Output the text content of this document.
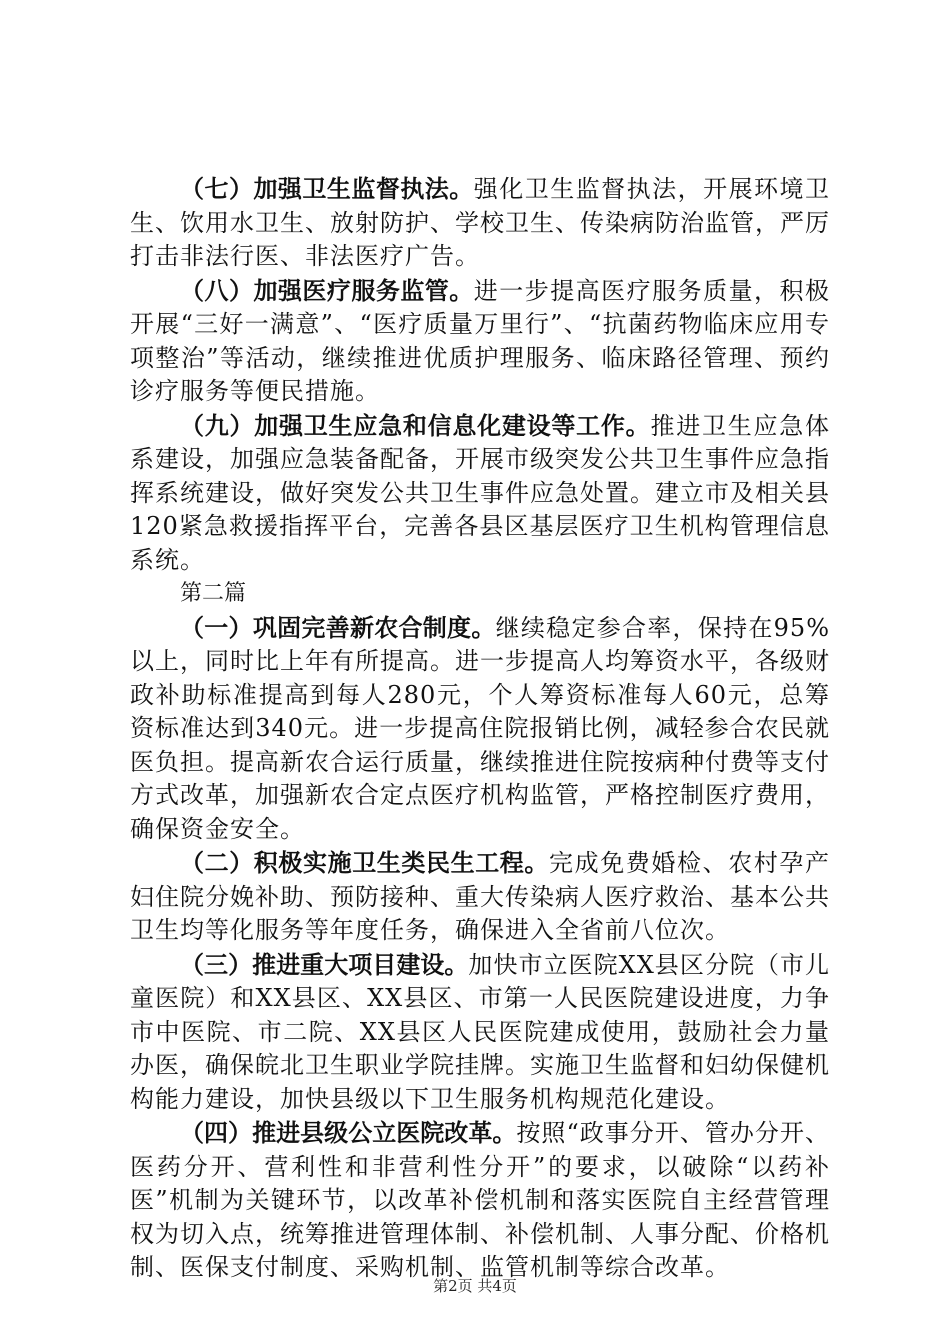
（七）加强卫生监督执法。强化卫生监督执法，开展环境卫生、饮用水卫生、放射防护、学校卫生、传染病防治监管，严厉打击非法行医、非法医疗广告。

（八）加强医疗服务监管。进一步提高医疗服务质量，积极开展“三好一满意”、“医疗质量万里行”、“抗菌药物临床应用专项整治”等活动，继续推进优质护理服务、临床路径管理、预约诊疗服务等便民措施。

（九）加强卫生应急和信息化建设等工作。推进卫生应急体系建设，加强应急装备配备，开展市级突发公共卫生事件应急指挥系统建设，做好突发公共卫生事件应急处置。建立市及相关县120紧急救援指挥平台，完善各县区基层医疗卫生机构管理信息系统。

第二篇

（一）巩固完善新农合制度。继续稳定参合率，保持在95%以上，同时比上年有所提高。进一步提高人均筹资水平，各级财政补助标准提高到每人280元，个人筹资标准每人60元，总筹资标准达到340元。进一步提高住院报销比例，减轻参合农民就医负担。提高新农合运行质量，继续推进住院按病种付费等支付方式改革，加强新农合定点医疗机构监管，严格控制医疗费用，确保资金安全。

（二）积极实施卫生类民生工程。完成免费婚检、农村孕产妇住院分娩补助、预防接种、重大传染病人医疗救治、基本公共卫生均等化服务等年度任务，确保进入全省前八位次。

（三）推进重大项目建设。加快市立医院XX县区分院（市儿童医院）和XX县区、XX县区、市第一人民医院建设进度，力争市中医院、市二院、XX县区人民医院建成使用，鼓励社会力量办医，确保皖北卫生职业学院挂牌。实施卫生监督和妇幼保健机构能力建设，加快县级以下卫生服务机构规范化建设。

（四）推进县级公立医院改革。按照“政事分开、管办分开、医药分开、营利性和非营利性分开”的要求，以破除“以药补医”机制为关键环节，以改革补偿机制和落实医院自主经营管理权为切入点，统筹推进管理体制、补偿机制、人事分配、价格机制、医保支付制度、采购机制、监管机制等综合改革。

第2页 共4页
